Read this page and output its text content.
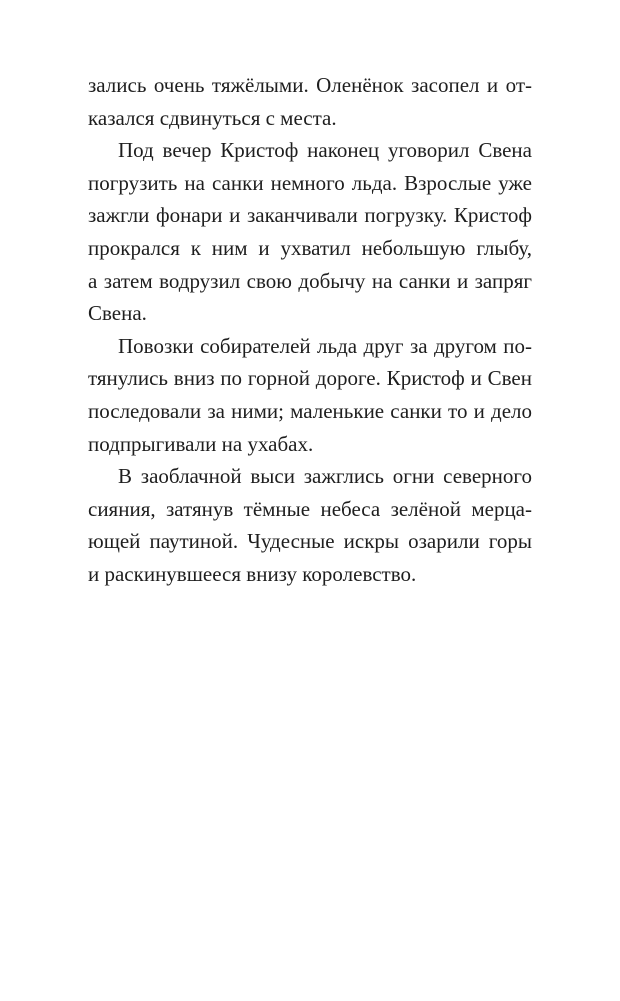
зались очень тяжёлыми. Оленёнок засопел и от-
казался сдвинуться с места.
Под вечер Кристоф наконец уговорил Свена
погрузить на санки немного льда. Взрослые уже
зажгли фонари и заканчивали погрузку. Кристоф
прокрался к ним и ухватил небольшую глыбу,
а затем водрузил свою добычу на санки и запряг
Свена.
Повозки собирателей льда друг за другом по-
тянулись вниз по горной дороге. Кристоф и Свен
последовали за ними; маленькие санки то и дело
подпрыгивали на ухабах.
В заоблачной выси зажглись огни северного
сияния, затянув тёмные небеса зелёной мерца-
ющей паутиной. Чудесные искры озарили горы
и раскинувшееся внизу королевство.
